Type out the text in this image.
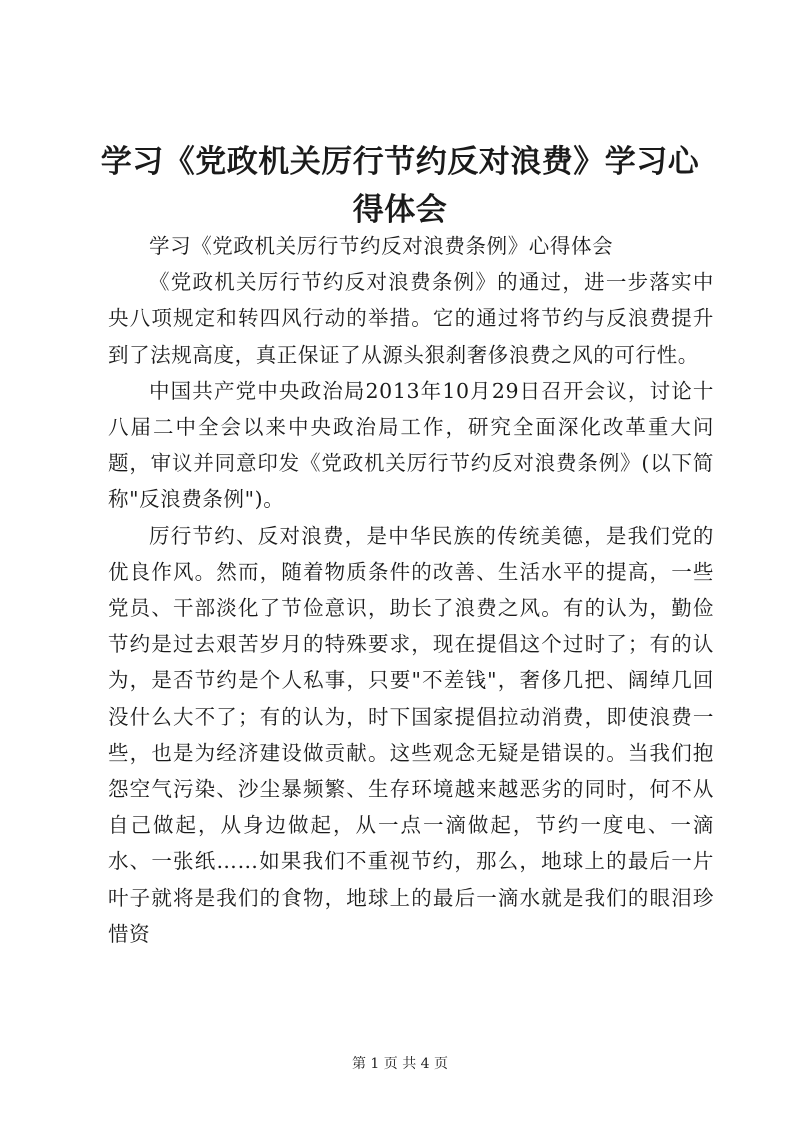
学习《党政机关厉行节约反对浪费》学习心得体会

学习《党政机关厉行节约反对浪费条例》心得体会

《党政机关厉行节约反对浪费条例》的通过，进一步落实中央八项规定和转四风行动的举措。它的通过将节约与反浪费提升到了法规高度，真正保证了从源头狠刹奢侈浪费之风的可行性。

中国共产党中央政治局2013年10月29日召开会议，讨论十八届二中全会以来中央政治局工作，研究全面深化改革重大问题，审议并同意印发《党政机关厉行节约反对浪费条例》(以下简称"反浪费条例")。

厉行节约、反对浪费，是中华民族的传统美德，是我们党的优良作风。然而，随着物质条件的改善、生活水平的提高，一些党员、干部淡化了节俭意识，助长了浪费之风。有的认为，勤俭节约是过去艰苦岁月的特殊要求，现在提倡这个过时了；有的认为，是否节约是个人私事，只要"不差钱"，奢侈几把、阔绰几回没什么大不了；有的认为，时下国家提倡拉动消费，即使浪费一些，也是为经济建设做贡献。这些观念无疑是错误的。当我们抱怨空气污染、沙尘暴频繁、生存环境越来越恶劣的同时，何不从自己做起，从身边做起，从一点一滴做起，节约一度电、一滴水、一张纸……如果我们不重视节约，那么，地球上的最后一片叶子就将是我们的食物，地球上的最后一滴水就是我们的眼泪珍惜资

第 1 页 共 4 页
